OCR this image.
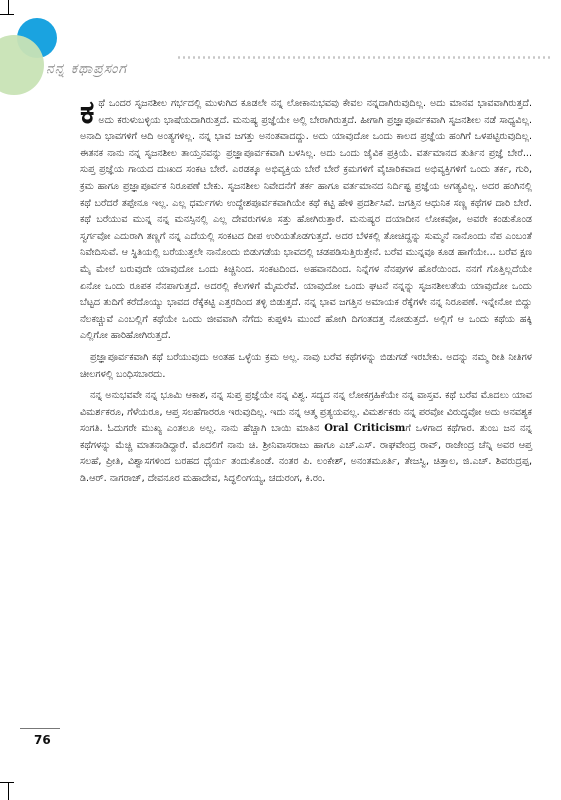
ನನ್ನ ಕಥಾಪ್ರಸಂಗ

ಕಥೆ ಒಂದರ ಸೃಜನಶೀಲ ಗರ್ಭದಲ್ಲಿ ಮುಳುಗಿದ ಕೂಡಲೇ ನನ್ನ ಲೋಕಾನುಭವವು ಕೇವಲ ನನ್ನದಾಗಿರುವುದಿಲ್ಲ. ಅದು ಮಾನವ ಭಾವವಾಗಿರುತ್ತದೆ. ಅದು ಕರುಳುಬಳ್ಳಿಯ ಭಾಷೆಯದಾಗಿರುತ್ತದೆ. ಮನುಷ್ಯ ಪ್ರಜ್ಞೆಯೇ ಅಲ್ಲಿ ಬೇರಾಗಿರುತ್ತದೆ. ಹೀಗಾಗಿ ಪ್ರಜ್ಞಾಪೂರ್ವಕವಾಗಿ ಸೃಜನಶೀಲ ನಡೆ ಸಾಧ್ಯವಿಲ್ಲ. ಅನಾದಿ ಭಾವಗಳಿಗೆ ಆದಿ ಅಂತ್ಯಗಳಿಲ್ಲ. ನನ್ನ ಭಾವ ಜಗತ್ತು ಅನಂತವಾದದ್ದು. ಅದು ಯಾವುದೋ ಒಂದು ಕಾಲದ ಪ್ರಜ್ಞೆಯ ಹಂಗಿಗೆ ಒಳಪಟ್ಟಿರುವುದಿಲ್ಲ. ಈತನಕ ನಾನು ನನ್ನ ಸೃಜನಶೀಲ ತಾಯ್ತನವನ್ನು ಪ್ರಜ್ಞಾಪೂರ್ವಕವಾಗಿ ಬಳಸಿಲ್ಲ. ಅದು ಒಂದು ಜೈವಿಕ ಪ್ರಕ್ರಿಯೆ. ವರ್ತಮಾನದ ತುರ್ತಿನ ಪ್ರಜ್ಞೆ ಬೇರೆ... ಸುಪ್ತ ಪ್ರಜ್ಞೆಯ ಗಾಯದ ದುಃಖದ ಸಂಕಟ ಬೇರೆ. ಎರಡಕ್ಕೂ ಅಭಿವ್ಯಕ್ತಿಯ ಬೇರೆ ಬೇರೆ ಕ್ರಮಗಳಿಗೆ ವೈಚಾರಿಕವಾದ ಅಭಿವ್ಯಕ್ತಿಗಳಿಗೆ ಒಂದು ತರ್ಕ, ಗುರಿ, ಕ್ರಮ ಹಾಗೂ ಪ್ರಜ್ಞಾಪೂರ್ವಕ ನಿರೂಪಣೆ ಬೇಕು. ಸೃಜನಶೀಲ ನಿವೇದನೆಗೆ ತರ್ಕ ಹಾಗೂ ವರ್ತಮಾನದ ನಿರ್ದಿಷ್ಟ ಪ್ರಜ್ಞೆಯ ಅಗತ್ಯವಿಲ್ಲ. ಅದರ ಹಂಗಿನಲ್ಲಿ ಕಥೆ ಬರೆದರೆ ತಪ್ಪೇನೂ ಇಲ್ಲ. ಎಲ್ಲ ಧರ್ಮಗಳು ಉದ್ದೇಶಪೂರ್ವಕವಾಗಿಯೇ ಕಥೆ ಕಟ್ಟಿ ಹೇಳಿ ಪ್ರದರ್ಶಿಸಿವೆ. ಜಗತ್ತಿನ ಆಧುನಿಕ ಸಣ್ಣ ಕಥೆಗಳ ದಾರಿ ಬೇರೆ. ಕಥೆ ಬರೆಯುವ ಮುನ್ನ ನನ್ನ ಮನಸ್ಸಿನಲ್ಲಿ ಎಲ್ಲ ದೇವರುಗಳೂ ಸತ್ತು ಹೋಗಿರುತ್ತಾರೆ. ಮನುಷ್ಯರ ದಯಾದೀನ ಲೋಕವೋ, ಅವರೇ ಕಂಡುಕೊಂಡ ಸ್ವರ್ಗವೋ ಎದುರಾಗಿ ತಣ್ಣಗೆ ನನ್ನ ಎದೆಯಲ್ಲಿ ಸಂಕಟದ ದೀಪ ಉರಿಯತೊಡಗುತ್ತದೆ. ಅದರ ಬೆಳಕಲ್ಲಿ ತೋಚಿದ್ದನ್ನು ಸುಮ್ಮನೆ ನಾನೊಂದು ನೆಪ ಎಂಬಂತೆ ನಿವೇದಿಸುವೆ. ಆ ಸ್ಥಿತಿಯಲ್ಲಿ ಬರೆಯುತ್ತಲೇ ನಾನೊಂದು ಬಿಡುಗಡೆಯ ಭಾವದಲ್ಲಿ ಚಡಪಡಿಸುತ್ತಿರುತ್ತೇನೆ. ಬರೆವ ಮುನ್ನವೂ ಕೂಡ ಹಾಗೆಯೇ... ಬರೆವ ಕ್ಷಣ ಮೈ ಮೇಲೆ ಬರುವುದೇ ಯಾವುದೋ ಒಂದು ಕಿಚ್ಚಿನಿಂದ. ಸಂಕಟದಿಂದ. ಅಹವಾನದಿಂದ. ನಿನ್ನೆಗಳ ನೆನಪುಗಳ ಹೊರೆಯಿಂದ. ನನಗೆ ಗೊತ್ತಿಲ್ಲದೆಯೇ ಏನೋ ಒಂದು ರೂಪಕ ನೆನಪಾಗುತ್ತದೆ. ಅದರಲ್ಲಿ ಕೆಲಗಳಿಗೆ ಮೈಮರೆವೆ. ಯಾವುದೋ ಒಂದು ಘಟನೆ ನನ್ನನ್ನು ಸೃಜನಶೀಲತೆಯ ಯಾವುದೋ ಒಂದು ಬೆಟ್ಟದ ತುದಿಗೆ ಕರೆದೊಯ್ಯು ಭಾವದ ರೆಕ್ಕೆಕಟ್ಟಿ ಎತ್ತರದಿಂದ ತಳ್ಳಿ ಬಿಡುತ್ತದೆ. ನನ್ನ ಭಾವ ಜಗತ್ತಿನ ಅಮಾಯಕ ರೆಕ್ಕೆಗಳೇ ನನ್ನ ನಿರೂಪಣೆ. ಇನ್ನೇನೋ ಬಿದ್ದು ನೆಲಕಚ್ಚುವೆ ಎಂಬಲ್ಲಿಗೆ ಕಥೆಯೇ ಒಂದು ಜೀವವಾಗಿ ನೆಗೆದು ಕುಪ್ಪಳಿಸಿ ಮುಂದೆ ಹೋಗಿ ದಿಗಂತದತ್ತ ನೋಡುತ್ತದೆ. ಅಲ್ಲಿಗೆ ಆ ಒಂದು ಕಥೆಯ ಹಕ್ಕಿ ಎಲ್ಲಿಗೋ ಹಾರಿಹೋಗಿರುತ್ತದೆ.

ಪ್ರಜ್ಞಾಪೂರ್ವಕವಾಗಿ ಕಥೆ ಬರೆಯುವುದು ಅಂತಹ ಒಳ್ಳೆಯ ಕ್ರಮ ಅಲ್ಲ. ನಾವು ಬರೆವ ಕಥೆಗಳನ್ನು ಬಿಡುಗಡೆ ಇರಬೇಕು. ಅದನ್ನು ನಮ್ಮ ರೀತಿ ನೀತಿಗಳ ಚೀಲಗಳಲ್ಲಿ ಬಂಧಿಸಬಾರದು.

ನನ್ನ ಅನುಭವವೇ ನನ್ನ ಭೂಮಿ ಆಕಾಶ, ನನ್ನ ಸುಪ್ತ ಪ್ರಜ್ಞೆಯೇ ನನ್ನ ವಿಶ್ವ. ಸದ್ಯದ ನನ್ನ ಲೋಕಗ್ರಹಿಕೆಯೇ ನನ್ನ ವಾಸ್ತವ. ಕಥೆ ಬರೆವ ಮೊದಲು ಯಾವ ವಿಮರ್ಶಕರೂ, ಗೆಳೆಯರೂ, ಆಪ್ತ ಸಲಹೆಗಾರರೂ ಇರುವುದಿಲ್ಲ. ಇದು ನನ್ನ ಆತ್ಮ ಪ್ರತ್ಯಯವಲ್ಲ. ವಿಮರ್ಶಕರು ನನ್ನ ಪರವೋ ವಿರುದ್ಧವೋ ಅದು ಅನವಶ್ಯಕ ಸಂಗತಿ. ಓದುಗರೇ ಮುಖ್ಯ ಎಂತಲೂ ಅಲ್ಲ. ನಾನು ಹೆಚ್ಚಾಗಿ ಬಾಯಿ ಮಾತಿನ Oral Criticismಗೆ ಒಳಗಾದ ಕಥೆಗಾರ. ತುಂಬ ಜನ ನನ್ನ ಕಥೆಗಳನ್ನು ಮೆಚ್ಚಿ ಮಾತನಾಡಿದ್ದಾರೆ. ಮೊದಲಿಗೆ ನಾನು ಚಿ. ಶ್ರೀನಿವಾಸರಾಜು ಹಾಗೂ ಎಚ್.ಎಸ್. ರಾಘವೇಂದ್ರ ರಾವ್, ರಾಜೇಂದ್ರ ಚೆನ್ನಿ ಅವರ ಆಪ್ತ ಸಲಹೆ, ಪ್ರೀತಿ, ವಿಶ್ವಾಸಗಳಿಂದ ಬರಹದ ಧೈರ್ಯ ತಂದುಕೊಂಡೆ. ನಂತರ ಪಿ. ಲಂಕೇಶ್, ಅನಂತಮೂರ್ತಿ, ತೇಜಸ್ವಿ, ಚಿತ್ತಾಲ, ಜಿ.ಎಚ್. ಶಿವರುದ್ರಪ್ಪ, ಡಿ.ಆರ್. ನಾಗರಾಜ್, ದೇವನೂರ ಮಹಾದೇವ, ಸಿದ್ಧಲಿಂಗಯ್ಯ, ಚದುರಂಗ, ಕಿ.ರಂ.

76
